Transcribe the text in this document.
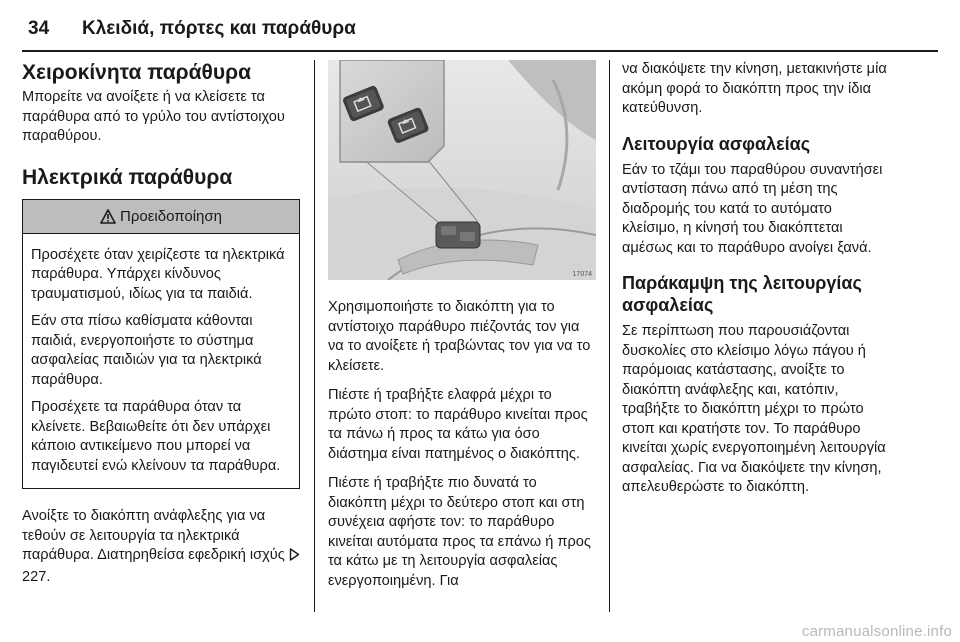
34 Κλειδιά, πόρτες και παράθυρα
Χειροκίνητα παράθυρα

Μπορείτε να ανοίξετε ή να κλείσετε τα παράθυρα από το γρύλο του αντίστοιχου παραθύρου.

Ηλεκτρικά παράθυρα
Προειδοποίηση

Προσέχετε όταν χειρίζεστε τα ηλεκτρικά παράθυρα. Υπάρχει κίνδυνος τραυματισμού, ιδίως για τα παιδιά.

Εάν στα πίσω καθίσματα κάθονται παιδιά, ενεργοποιήστε το σύστημα ασφαλείας παιδιών για τα ηλεκτρικά παράθυρα.

Προσέχετε τα παράθυρα όταν τα κλείνετε. Βεβαιωθείτε ότι δεν υπάρχει κάποιο αντικείμενο που μπορεί να παγιδευτεί ενώ κλείνουν τα παράθυρα.

Ανοίξτε το διακόπτη ανάφλεξης για να τεθούν σε λειτουργία τα ηλεκτρικά παράθυρα. Διατηρηθείσα εφεδρική ισχύς  227.

17074

Χρησιμοποιήστε το διακόπτη για το αντίστοιχο παράθυρο πιέζοντάς τον για να το ανοίξετε ή τραβώντας τον για να το κλείσετε.

Πιέστε ή τραβήξτε ελαφρά μέχρι το πρώτο στοπ: το παράθυρο κινείται προς τα πάνω ή προς τα κάτω για όσο διάστημα είναι πατημένος ο διακόπτης.

Πιέστε ή τραβήξτε πιο δυνατά το διακόπτη μέχρι το δεύτερο στοπ και στη συνέχεια αφήστε τον: το παράθυρο κινείται αυτόματα προς τα επάνω ή προς τα κάτω με τη λειτουργία ασφαλείας ενεργοποιημένη. Για

να διακόψετε την κίνηση, μετακινήστε μία ακόμη φορά το διακόπτη προς την ίδια κατεύθυνση.

Λειτουργία ασφαλείας

Εάν το τζάμι του παραθύρου συναντήσει αντίσταση πάνω από τη μέση της διαδρομής του κατά το αυτόματο κλείσιμο, η κίνησή του διακόπτεται αμέσως και το παράθυρο ανοίγει ξανά.

Παράκαμψη της λειτουργίας ασφαλείας

Σε περίπτωση που παρουσιάζονται δυσκολίες στο κλείσιμο λόγω πάγου ή παρόμοιας κατάστασης, ανοίξτε το διακόπτη ανάφλεξης και, κατόπιν, τραβήξτε το διακόπτη μέχρι το πρώτο στοπ και κρατήστε τον. Το παράθυρο κινείται χωρίς ενεργοποιημένη λειτουργία ασφαλείας. Για να διακόψετε την κίνηση, απελευθερώστε το διακόπτη.

carmanualsonline.info
